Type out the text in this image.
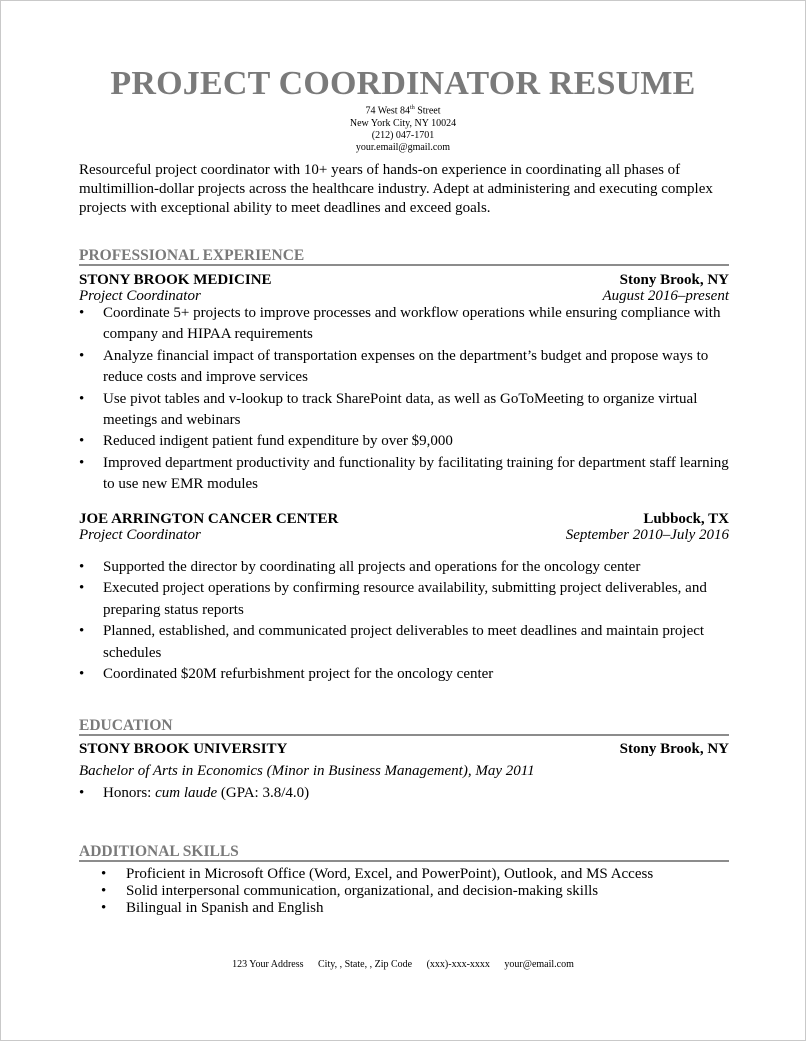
PROJECT COORDINATOR RESUME
74 West 84th Street
New York City, NY 10024
(212) 047-1701
your.email@gmail.com
Resourceful project coordinator with 10+ years of hands-on experience in coordinating all phases of multimillion-dollar projects across the healthcare industry. Adept at administering and executing complex projects with exceptional ability to meet deadlines and exceed goals.
PROFESSIONAL EXPERIENCE
STONY BROOK MEDICINE	Stony Brook, NY
Project Coordinator	August 2016–present
• Coordinate 5+ projects to improve processes and workflow operations while ensuring compliance with company and HIPAA requirements
• Analyze financial impact of transportation expenses on the department’s budget and propose ways to reduce costs and improve services
• Use pivot tables and v-lookup to track SharePoint data, as well as GoToMeeting to organize virtual meetings and webinars
• Reduced indigent patient fund expenditure by over $9,000
• Improved department productivity and functionality by facilitating training for department staff learning to use new EMR modules
JOE ARRINGTON CANCER CENTER	Lubbock, TX
Project Coordinator	September 2010–July 2016
• Supported the director by coordinating all projects and operations for the oncology center
• Executed project operations by confirming resource availability, submitting project deliverables, and preparing status reports
• Planned, established, and communicated project deliverables to meet deadlines and maintain project schedules
• Coordinated $20M refurbishment project for the oncology center
EDUCATION
STONY BROOK UNIVERSITY	Stony Brook, NY
Bachelor of Arts in Economics (Minor in Business Management), May 2011
• Honors: cum laude (GPA: 3.8/4.0)
ADDITIONAL SKILLS
• Proficient in Microsoft Office (Word, Excel, and PowerPoint), Outlook, and MS Access
• Solid interpersonal communication, organizational, and decision-making skills
• Bilingual in Spanish and English
123 Your Address City, , State, , Zip Code (xxx)-xxx-xxxx your@email.com
